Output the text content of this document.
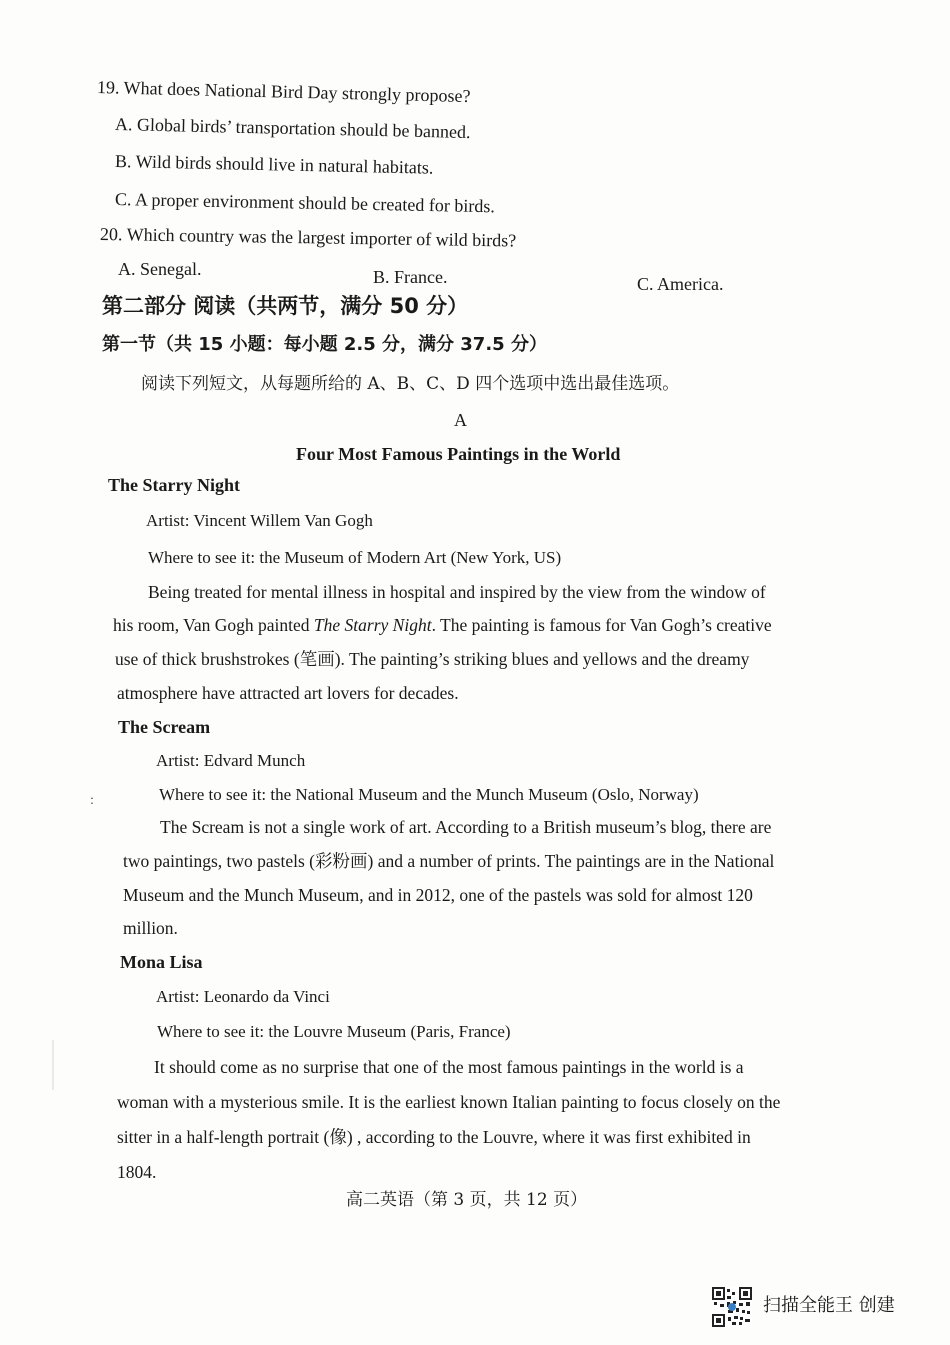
19. What does National Bird Day strongly propose?
A. Global birds’ transportation should be banned.
B. Wild birds should live in natural habitats.
C. A proper environment should be created for birds.
20. Which country was the largest importer of wild birds?
A. Senegal.	B. France.	C. America.
第二部分 阅读（共两节，满分 50 分）
第一节（共 15 小题：每小题 2.5 分，满分 37.5 分）
阅读下列短文，从每题所给的 A、B、C、D 四个选项中选出最佳选项。
A
Four Most Famous Paintings in the World
The Starry Night
Artist: Vincent Willem Van Gogh
Where to see it: the Museum of Modern Art (New York, US)
Being treated for mental illness in hospital and inspired by the view from the window of
his room, Van Gogh painted The Starry Night. The painting is famous for Van Gogh’s creative
use of thick brushstrokes (笔画). The painting’s striking blues and yellows and the dreamy
atmosphere have attracted art lovers for decades.
The Scream
Artist: Edvard Munch
:	Where to see it: the National Museum and the Munch Museum (Oslo, Norway)
The Scream is not a single work of art. According to a British museum’s blog, there are
two paintings, two pastels (彩粉画) and a number of prints. The paintings are in the National
Museum and the Munch Museum, and in 2012, one of the pastels was sold for almost 120
million.
Mona Lisa
Artist: Leonardo da Vinci
Where to see it: the Louvre Museum (Paris, France)
It should come as no surprise that one of the most famous paintings in the world is a
woman with a mysterious smile. It is the earliest known Italian painting to focus closely on the
sitter in a half-length portrait (像) , according to the Louvre, where it was first exhibited in
1804.
高二英语（第 3 页，共 12 页）
扫描全能王 创建
